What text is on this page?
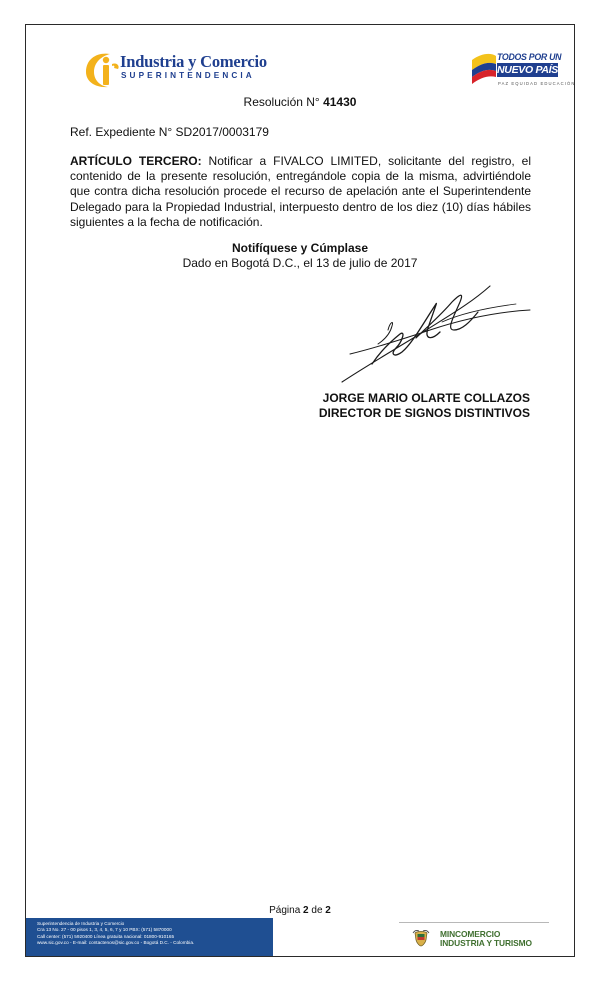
Industria y Comercio
SUPERINTENDENCIA
TODOS POR UN
NUEVO PAÍS
PAZ EQUIDAD EDUCACIÓN
Resolución N° 41430
Ref. Expediente N° SD2017/0003179
ARTÍCULO TERCERO: Notificar a FIVALCO LIMITED, solicitante del registro, el contenido de la presente resolución, entregándole copia de la misma, advirtiéndole que contra dicha resolución procede el recurso de apelación ante el Superintendente Delegado para la Propiedad Industrial, interpuesto dentro de los diez (10) días hábiles siguientes a la fecha de notificación.
Notifíquese y Cúmplase
Dado en Bogotá D.C., el 13 de julio de 2017
JORGE MARIO OLARTE COLLAZOS
DIRECTOR DE SIGNOS DISTINTIVOS
Página 2 de 2
Superintendencia de Industria y Comercio
Cra 13 No. 27 - 00 pisos 1, 3, 4, 5, 6, 7 y 10 PBX: (571) 5870000
Call center: (571) 5920400 Línea gratuita nacional: 01800-910165
www.sic.gov.co - E-mail: contactenos@sic.gov.co - Bogotá D.C. - Colombia.
MINCOMERCIO
INDUSTRIA Y TURISMO
